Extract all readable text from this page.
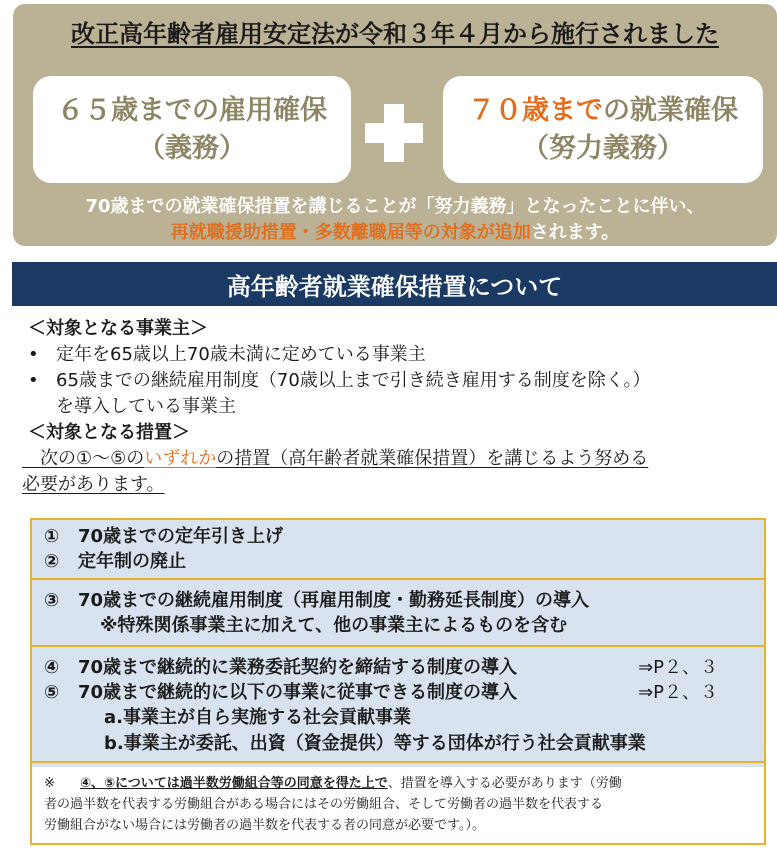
改正高年齢者雇用安定法が令和３年４月から施行されました
６５歳までの雇用確保
（義務）
７０歳までの就業確保
（努力義務）
70歳までの就業確保措置を講じることが「努力義務」となったことに伴い、
再就職援助措置・多数離職届等の対象が追加されます。
高年齢者就業確保措置について
＜対象となる事業主＞
• 定年を65歳以上70歳未満に定めている事業主
• 65歳までの継続雇用制度（70歳以上まで引き続き雇用する制度を除く。）
を導入している事業主
＜対象となる措置＞
　次の①～⑤のいずれかの措置（高年齢者就業確保措置）を講じるよう努める
必要があります。
①	70歳までの定年引き上げ
②	定年制の廃止
③	70歳までの継続雇用制度（再雇用制度・勤務延長制度）の導入
※特殊関係事業主に加えて、他の事業主によるものを含む
④	70歳まで継続的に業務委託契約を締結する制度の導入	⇒P２、３
⑤	70歳まで継続的に以下の事業に従事できる制度の導入	⇒P２、３
a.事業主が自ら実施する社会貢献事業
b.事業主が委託、出資（資金提供）等する団体が行う社会貢献事業
※ ④、⑤については過半数労働組合等の同意を得た上で、措置を導入する必要があります（労働
者の過半数を代表する労働組合がある場合にはその労働組合、そして労働者の過半数を代表する
労働組合がない場合には労働者の過半数を代表する者の同意が必要です。）。
